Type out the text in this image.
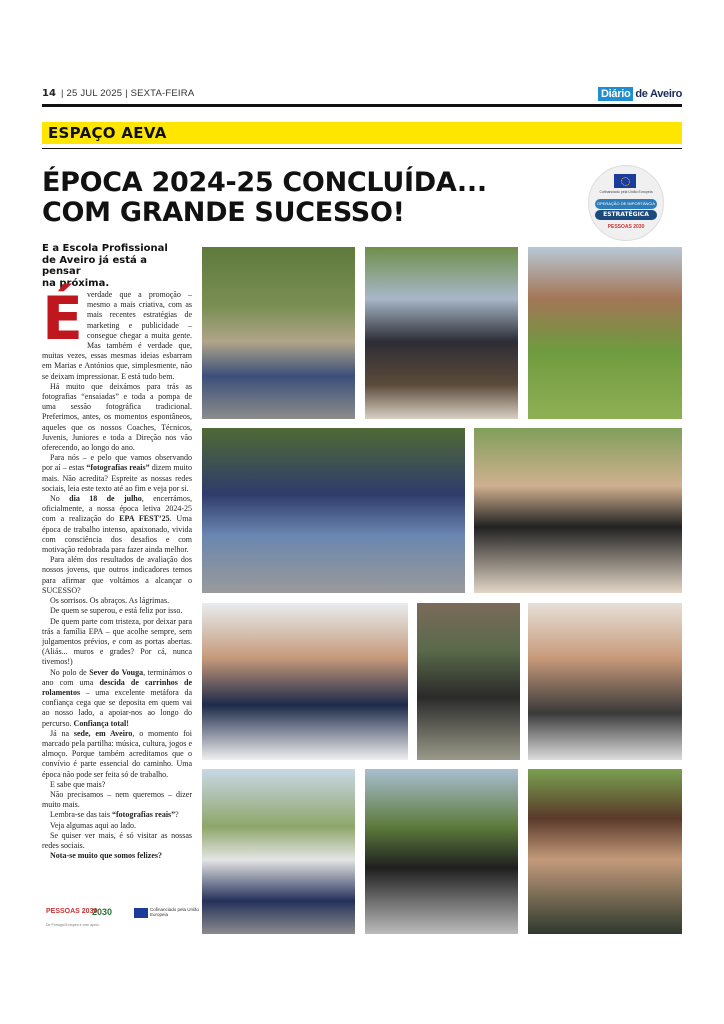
14 | 25 JUL 2025 | SEXTA-FEIRA	Diário de Aveiro
ESPAÇO AEVA
ÉPOCA 2024-25 CONCLUÍDA...
COM GRANDE SUCESSO!
Cofinanciado pela União Europeia
OPERAÇÃO DE IMPORTÂNCIA
ESTRATÉGICA
PESSOAS 2030
E a Escola Profissional
de Aveiro já está a pensar
na próxima.

Éverdade que a promoção – mesmo a mais criativa, com as mais recentes estratégias de marketing e publicidade – consegue chegar a muita gente. Mas também é verdade que, muitas vezes, essas mesmas ideias esbarram em Marias e Antónios que, simplesmente, não se deixam impressionar. E está tudo bem.

Há muito que deixámos para trás as fotografias “ensaiadas” e toda a pompa de uma sessão fotográfica tradicional. Preferimos, antes, os momentos espontâneos, aqueles que os nossos Coaches, Técnicos, Juvenis, Juniores e toda a Direção nos vão oferecendo, ao longo do ano.

Para nós – e pelo que vamos observando por aí – estas “fotografias reais” dizem muito mais. Não acredita? Espreite as nossas redes sociais, leia este texto até ao fim e veja por si.

No dia 18 de julho, encerrámos, oficialmente, a nossa época letiva 2024-25 com a realização do EPA FEST’25. Uma época de trabalho intenso, apaixonado, vivida com consciência dos desafios e com motivação redobrada para fazer ainda melhor.

Para além dos resultados de avaliação dos nossos jovens, que outros indicadores temos para afirmar que voltámos a alcançar o SUCESSO?

Os sorrisos. Os abraços. As lágrimas.

De quem se superou, e está feliz por isso.

De quem parte com tristeza, por deixar para trás a família EPA – que acolhe sempre, sem julgamentos prévios, e com as portas abertas. (Aliás... muros e grades? Por cá, nunca tivemos!)

No polo de Sever do Vouga, terminámos o ano com uma descida de carrinhos de rolamentos – uma excelente metáfora da confiança cega que se deposita em quem vai ao nosso lado, a apoiar-nos ao longo do percurso. Confiança total!

Já na sede, em Aveiro, o momento foi marcado pela partilha: música, cultura, jogos e almoço. Porque também acreditamos que o convívio é parte essencial do caminho. Uma época não pode ser feita só de trabalho.

E sabe que mais?

Não precisamos – nem queremos – dizer muito mais.

Lembra-se das tais “fotografias reais”?

Veja algumas aqui ao lado.

Se quiser ver mais, é só visitar as nossas redes sociais.

Nota-se muito que somos felizes?

PESSOAS 2030
2030	Cofinanciado pela União Europeia
De Portugal Europeu e com apoio
